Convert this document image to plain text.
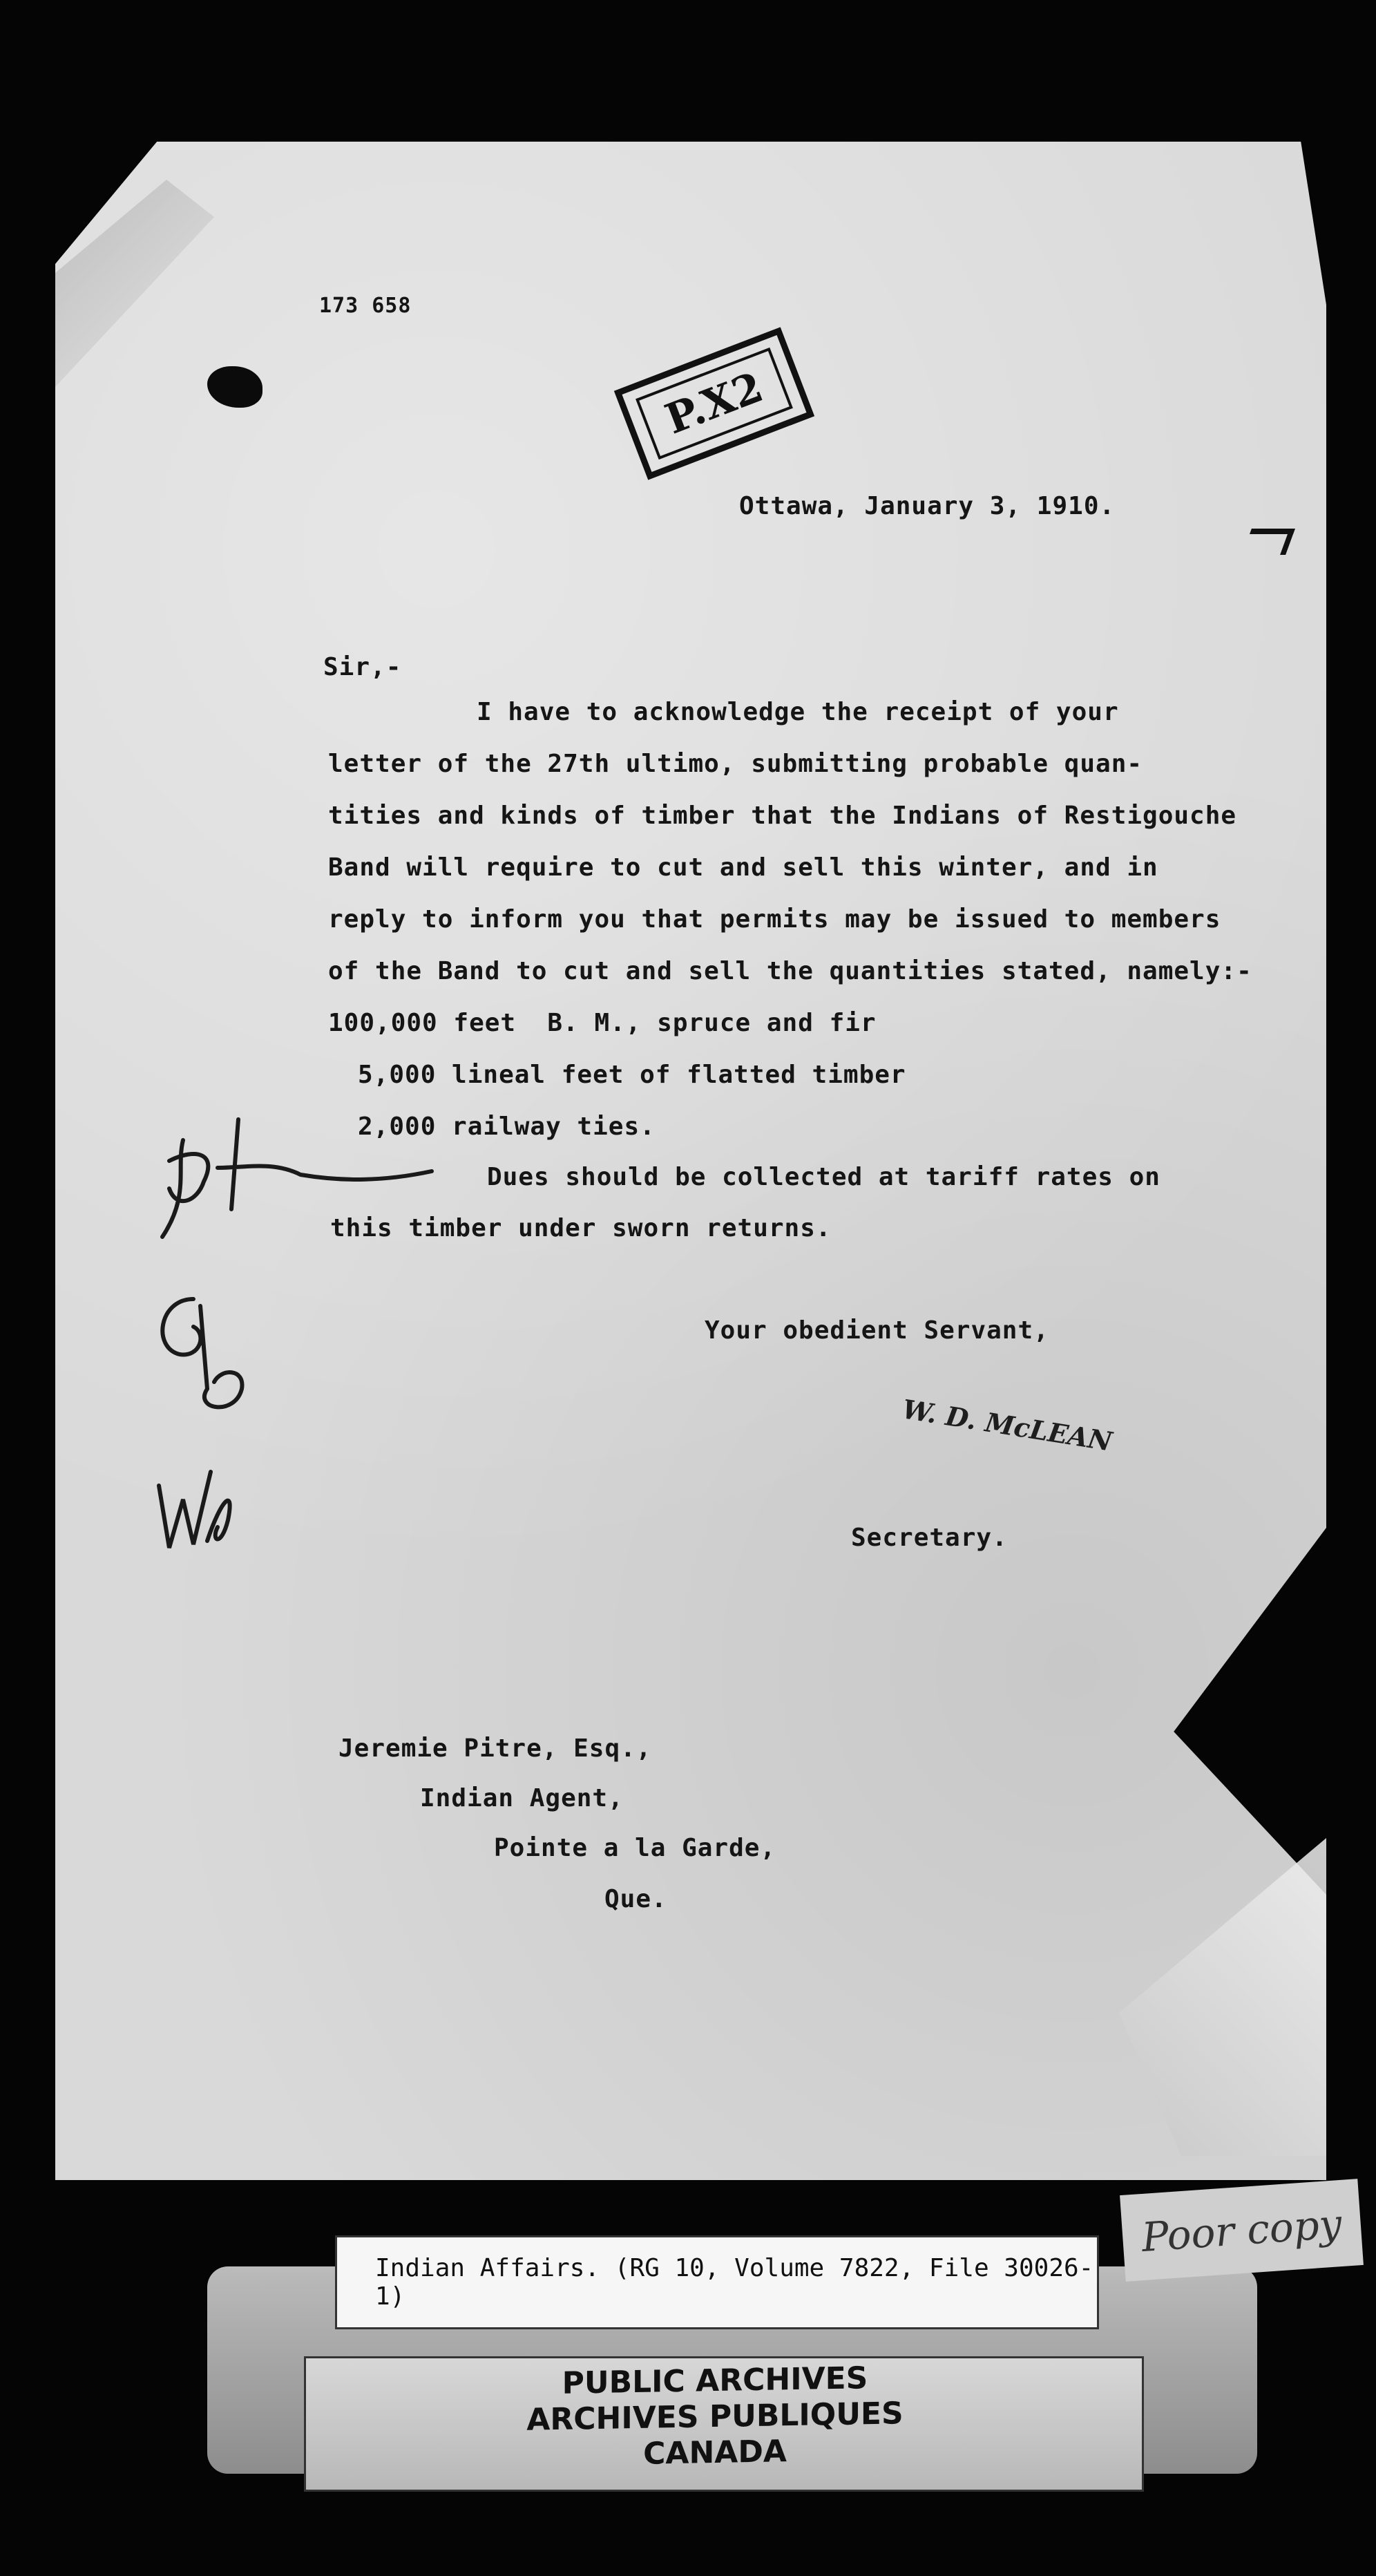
173 658
P.X2
Ottawa, January 3, 1910.
Sir,-
I have to acknowledge the receipt of your
letter of the 27th ultimo, submitting probable quan-
tities and kinds of timber that the Indians of Restigouche
Band will require to cut and sell this winter, and in
reply to inform you that permits may be issued to members
of the Band to cut and sell the quantities stated, namely:-
100,000 feet  B. M., spruce and fir
5,000 lineal feet of flatted timber
2,000 railway ties.
Dues should be collected at tariff rates on
this timber under sworn returns.
Your obedient Servant,
W. D. McLEAN
Secretary.
Jeremie Pitre, Esq.,
Indian Agent,
Pointe a la Garde,
Que.
Indian Affairs. (RG 10, Volume 7822, File 30026-1)
PUBLIC ARCHIVES
ARCHIVES PUBLIQUES
CANADA
Poor copy
